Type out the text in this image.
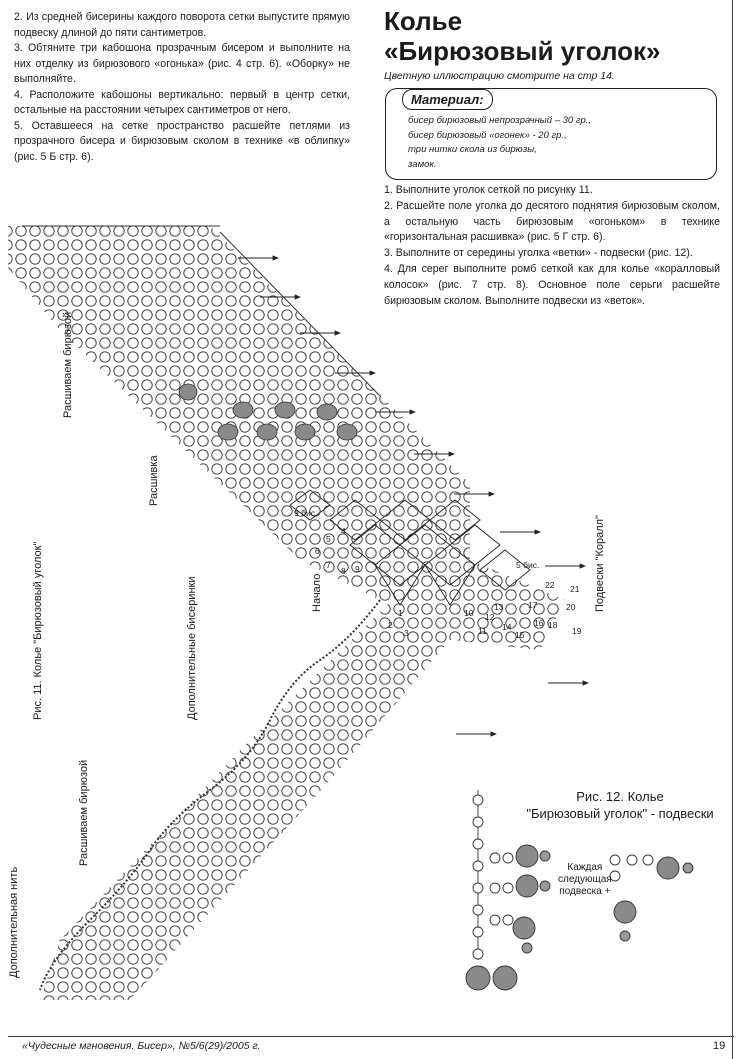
2. Из средней бисерины каждого поворота сетки выпустите прямую подвеску длиной до пяти сантиметров.

3. Обтяните три кабошона прозрачным бисером и выполните на них отделку из бирюзового «огонька» (рис. 4 стр. 6). «Оборку» не выполняйте.

4. Расположите кабошоны вертикально: первый в центр сетки, остальные на расстоянии четырех сантиметров от него.

5. Оставшееся на сетке пространство расшейте петлями из прозрачного бисера и бирюзовым сколом в технике «в облипку» (рис. 5 Б стр. 6).

Колье
«Бирюзовый уголок»
Цветную иллюстрацию смотрите на стр 14.
Материал:
бисер бирюзовый непрозрачный – 30 гр.,
бисер бирюзовый «огонек» - 20 гр.,
три нитки скола из бирюзы,
замок.

1. Выполните уголок сеткой по рисунку 11.

2. Расшейте поле уголка до десятого поднятия бирюзовым сколом, а остальную часть бирюзовым «огоньком» в технике «горизонтальная расшивка» (рис. 5 Г стр. 6).

3. Выполните от середины уголка «ветки» - подвески (рис. 12).

4. Для серег выполните ромб сеткой как для колье «коралловый колосок» (рис. 7 стр. 8). Основное поле серьги расшейте бирюзовым сколом. Выполните подвески из «веток».

Расшиваем бирюзой
Расшивка
Рис. 11. Колье "Бирюзовый уголок"	Дополнительные бисеринки	Начало
Расшиваем бирюзой
Дополнительная нить
Подвески "Коралл"
9 бис.
5 бис.
1
2
3
4
5
6
7
8 9
10
11
12
13
14
15
16
17
18
19
20
21
22
Рис. 12. Колье
"Бирюзовый уголок" - подвески
Каждая
следующая
подвеска +
«Чудесные мгновения. Бисер», №5/6(29)/2005 г.	19
